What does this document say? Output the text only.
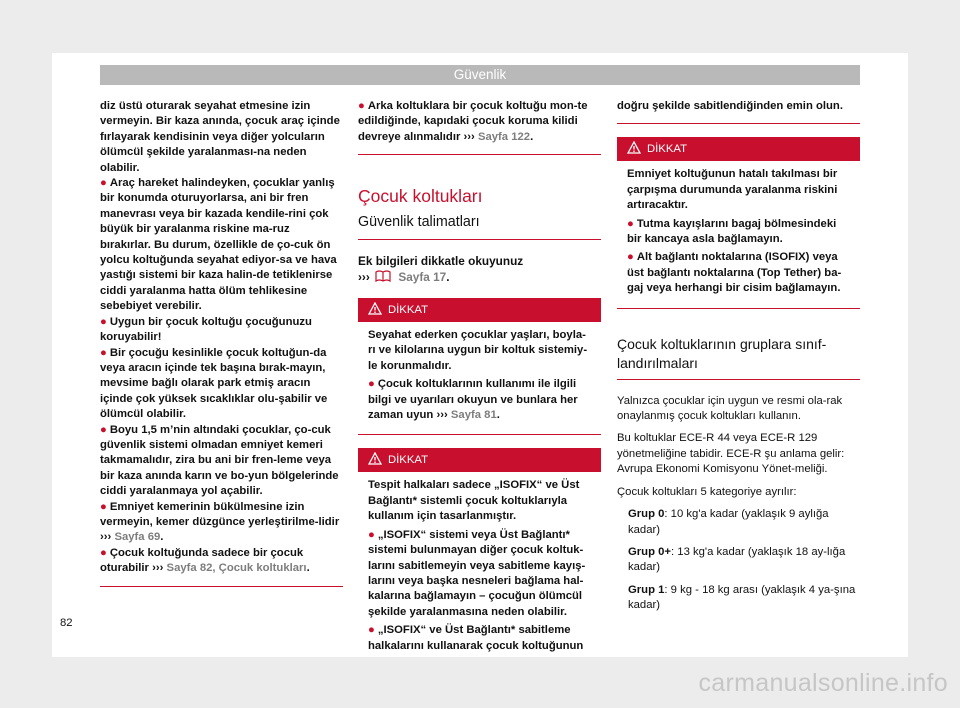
Güvenlik

diz üstü oturarak seyahat etmesine izin vermeyin. Bir kaza anında, çocuk araç içinde fırlayarak kendisinin veya diğer yolcuların ölümcül şekilde yaralanması-na neden olabilir.

● Araç hareket halindeyken, çocuklar yanlış bir konumda oturuyorlarsa, ani bir fren manevrası veya bir kazada kendile-rini çok büyük bir yaralanma riskine ma-ruz bırakırlar. Bu durum, özellikle de ço-cuk ön yolcu koltuğunda seyahat ediyor-sa ve hava yastığı sistemi bir kaza halin-de tetiklenirse ciddi yaralanma hatta ölüm tehlikesine sebebiyet verebilir.

● Uygun bir çocuk koltuğu çocuğunuzu koruyabilir!

● Bir çocuğu kesinlikle çocuk koltuğun-da veya aracın içinde tek başına bırak-mayın, mevsime bağlı olarak park etmiş aracın içinde çok yüksek sıcaklıklar olu-şabilir ve ölümcül olabilir.

● Boyu 1,5 m’nin altındaki çocuklar, ço-cuk güvenlik sistemi olmadan emniyet kemeri takmamalıdır, zira bu ani bir fren-leme veya bir kaza anında karın ve bo-yun bölgelerinde ciddi yaralanmaya yol açabilir.

● Emniyet kemerinin bükülmesine izin vermeyin, kemer düzgünce yerleştirilme-lidir ››› Sayfa 69.

● Çocuk koltuğunda sadece bir çocuk oturabilir ››› Sayfa 82, Çocuk koltukları.

● Arka koltuklara bir çocuk koltuğu mon-te edildiğinde, kapıdaki çocuk koruma kilidi devreye alınmalıdır ››› Sayfa 122.

Çocuk koltukları
Güvenlik talimatları

Ek bilgileri dikkatle okuyunuz

››› Sayfa 17.

DİKKAT

Seyahat ederken çocuklar yaşları, boyla-rı ve kilolarına uygun bir koltuk sistemiy-le korunmalıdır.

● Çocuk koltuklarının kullanımı ile ilgili bilgi ve uyarıları okuyun ve bunlara her zaman uyun ››› Sayfa 81.

DİKKAT

Tespit halkaları sadece „ISOFIX“ ve Üst Bağlantı* sistemli çocuk koltuklarıyla kullanım için tasarlanmıştır.

● „ISOFIX“ sistemi veya Üst Bağlantı* sistemi bulunmayan diğer çocuk koltuk-larını sabitlemeyin veya sabitleme kayış-larını veya başka nesneleri bağlama hal-kalarına bağlamayın – çocuğun ölümcül şekilde yaralanmasına neden olabilir.

● „ISOFIX“ ve Üst Bağlantı* sabitleme halkalarını kullanarak çocuk koltuğunun

doğru şekilde sabitlendiğinden emin olun.

DİKKAT

Emniyet koltuğunun hatalı takılması bir çarpışma durumunda yaralanma riskini artıracaktır.

● Tutma kayışlarını bagaj bölmesindeki bir kancaya asla bağlamayın.

● Alt bağlantı noktalarına (ISOFIX) veya üst bağlantı noktalarına (Top Tether) ba-gaj veya herhangi bir cisim bağlamayın.

Çocuk koltuklarının gruplara sınıf-landırılmaları

Yalnızca çocuklar için uygun ve resmi ola-rak onaylanmış çocuk koltukları kullanın.

Bu koltuklar ECE-R 44 veya ECE-R 129 yönetmeliğine tabidir. ECE-R şu anlama gelir: Avrupa Ekonomi Komisyonu Yönet-meliği.

Çocuk koltukları 5 kategoriye ayrılır:

Grup 0: 10 kg'a kadar (yaklaşık 9 aylığa kadar)

Grup 0+: 13 kg'a kadar (yaklaşık 18 ay-lığa kadar)

Grup 1: 9 kg - 18 kg arası (yaklaşık 4 ya-şına kadar)

82
carmanualsonline.info
